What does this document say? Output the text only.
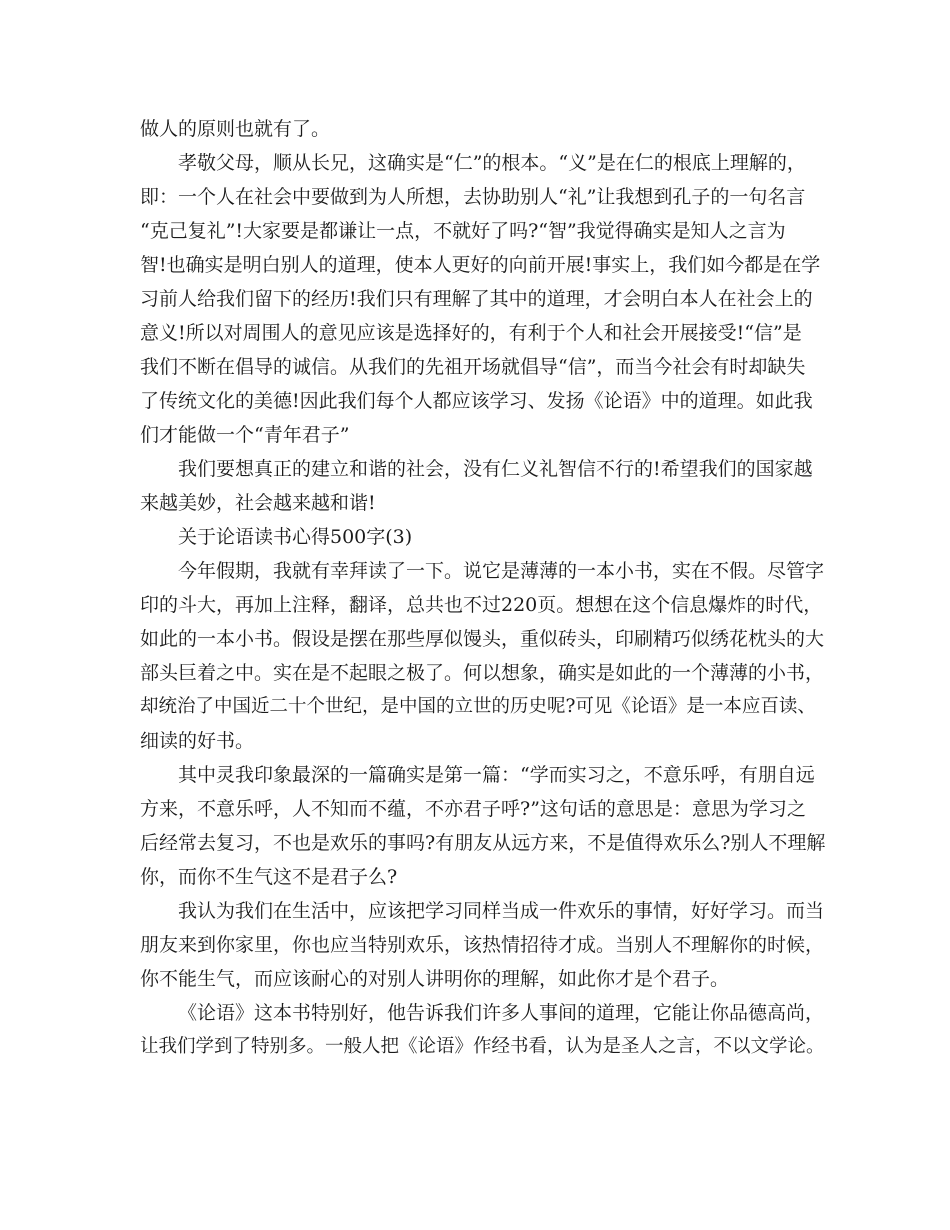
做人的原则也就有了。
孝敬父母，顺从长兄，这确实是“仁”的根本。“义”是在仁的根底上理解的，
即：一个人在社会中要做到为人所想，去协助别人“礼”让我想到孔子的一句名言
“克己复礼”!大家要是都谦让一点，不就好了吗?“智”我觉得确实是知人之言为
智!也确实是明白别人的道理，使本人更好的向前开展!事实上，我们如今都是在学
习前人给我们留下的经历!我们只有理解了其中的道理，才会明白本人在社会上的
意义!所以对周围人的意见应该是选择好的，有利于个人和社会开展接受!“信”是
我们不断在倡导的诚信。从我们的先祖开场就倡导“信”，而当今社会有时却缺失
了传统文化的美德!因此我们每个人都应该学习、发扬《论语》中的道理。如此我
们才能做一个“青年君子”
我们要想真正的建立和谐的社会，没有仁义礼智信不行的!希望我们的国家越
来越美妙，社会越来越和谐!
关于论语读书心得500字(3)
今年假期，我就有幸拜读了一下。说它是薄薄的一本小书，实在不假。尽管字
印的斗大，再加上注释，翻译，总共也不过220页。想想在这个信息爆炸的时代，
如此的一本小书。假设是摆在那些厚似馒头，重似砖头，印刷精巧似绣花枕头的大
部头巨着之中。实在是不起眼之极了。何以想象，确实是如此的一个薄薄的小书，
却统治了中国近二十个世纪，是中国的立世的历史呢?可见《论语》是一本应百读、
细读的好书。
其中灵我印象最深的一篇确实是第一篇：“学而实习之，不意乐呼，有朋自远
方来，不意乐呼，人不知而不蕴，不亦君子呼?”这句话的意思是：意思为学习之
后经常去复习，不也是欢乐的事吗?有朋友从远方来，不是值得欢乐么?别人不理解
你，而你不生气这不是君子么?
我认为我们在生活中，应该把学习同样当成一件欢乐的事情，好好学习。而当
朋友来到你家里，你也应当特别欢乐，该热情招待才成。当别人不理解你的时候，
你不能生气，而应该耐心的对别人讲明你的理解，如此你才是个君子。
《论语》这本书特别好，他告诉我们许多人事间的道理，它能让你品德高尚，
让我们学到了特别多。一般人把《论语》作经书看，认为是圣人之言，不以文学论。
